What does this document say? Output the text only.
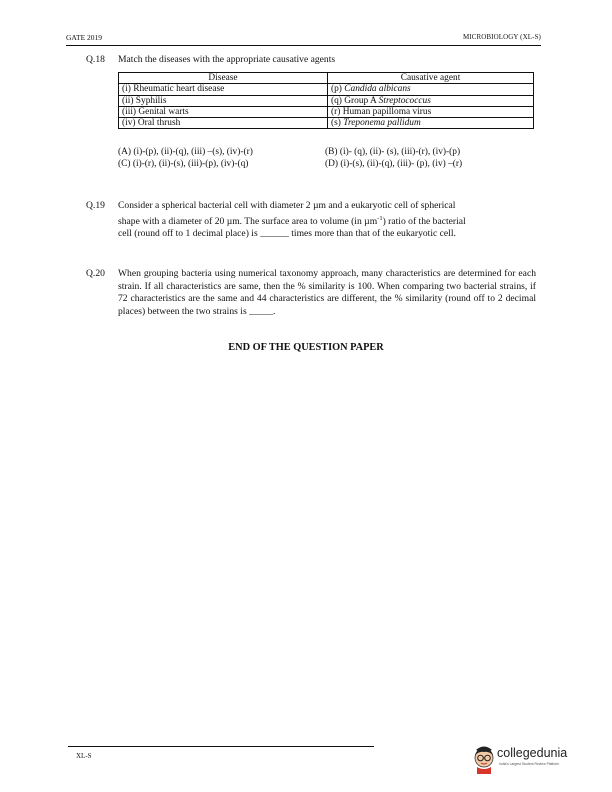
GATE 2019	MICROBIOLOGY (XL-S)
Q.18 Match the diseases with the appropriate causative agents
Disease	Causative agent
(i) Rheumatic heart disease	(p) Candida albicans
(ii) Syphilis	(q) Group A Streptococcus
(iii) Genital warts	(r) Human papilloma virus
(iv) Oral thrush	(s) Treponema pallidum
(A) (i)-(p), (ii)-(q), (iii) –(s), (iv)-(r)
(C) (i)-(r), (ii)-(s), (iii)-(p), (iv)-(q)
(B) (i)- (q), (ii)- (s), (iii)-(r), (iv)-(p)
(D) (i)-(s), (ii)-(q), (iii)- (p), (iv) –(r)
Q.19 Consider a spherical bacterial cell with diameter 2 µm and a eukaryotic cell of spherical
shape with a diameter of 20 µm. The surface area to volume (in µm$^{-1}$) ratio of the bacterial
cell (round off to 1 decimal place) is ______ times more than that of the eukaryotic cell.
Q.20 When grouping bacteria using numerical taxonomy approach, many characteristics are determined for each strain. If all characteristics are same, then the % similarity is 100. When comparing two bacterial strains, if 72 characteristics are the same and 44 characteristics are different, the % similarity (round off to 2 decimal places) between the two strains is _____.
END OF THE QUESTION PAPER
XL-S	collegedunia
India's Largest Student Review Platform
